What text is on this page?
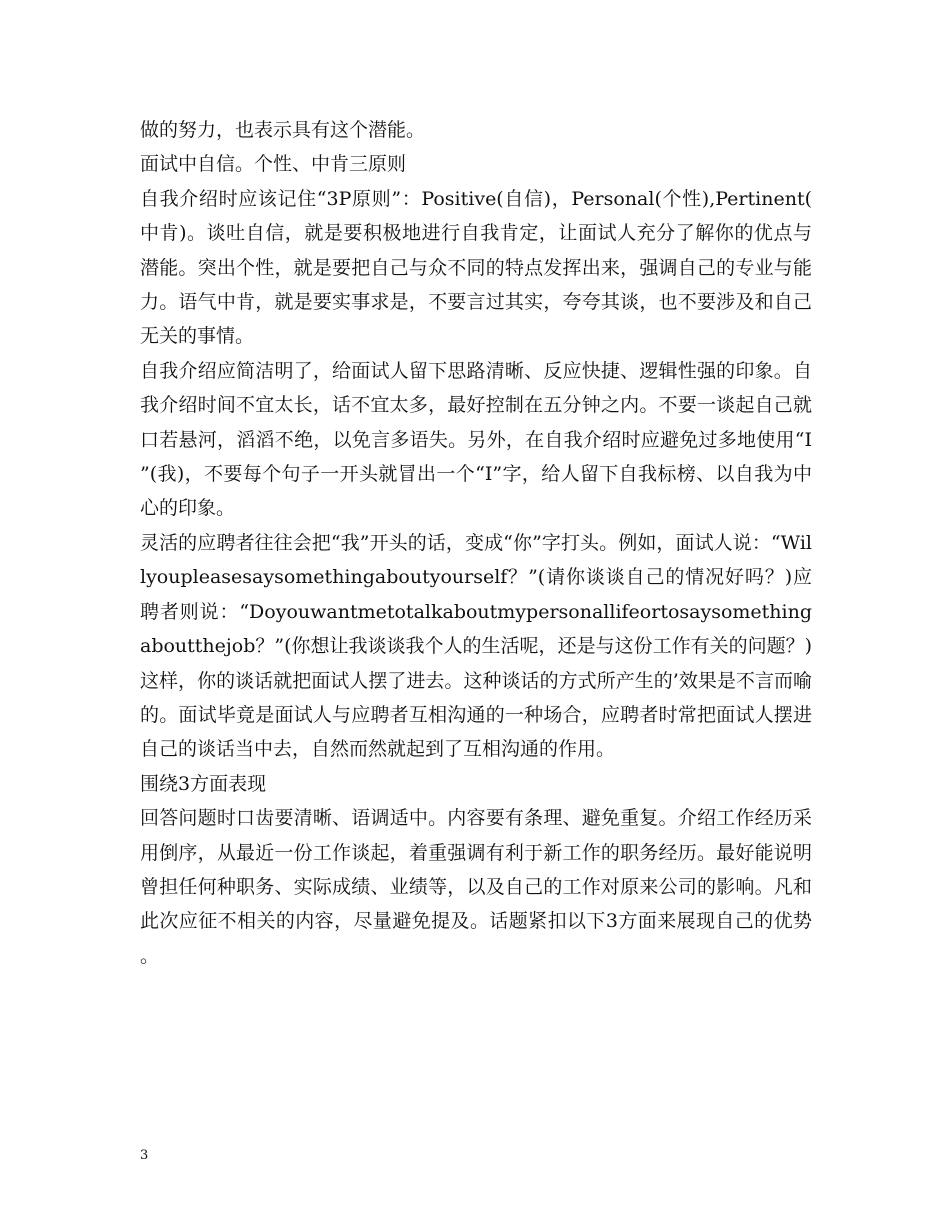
做的努力，也表示具有这个潜能。

面试中自信。个性、中肯三原则

自我介绍时应该记住“3P原则”：Positive(自信)，Personal(个性),Pertinent(中肯)。谈吐自信，就是要积极地进行自我肯定，让面试人充分了解你的优点与潜能。突出个性，就是要把自己与众不同的特点发挥出来，强调自己的专业与能力。语气中肯，就是要实事求是，不要言过其实，夸夸其谈，也不要涉及和自己无关的事情。

自我介绍应简洁明了，给面试人留下思路清晰、反应快捷、逻辑性强的印象。自我介绍时间不宜太长，话不宜太多，最好控制在五分钟之内。不要一谈起自己就口若悬河，滔滔不绝，以免言多语失。另外，在自我介绍时应避免过多地使用“I”(我)，不要每个句子一开头就冒出一个“I”字，给人留下自我标榜、以自我为中心的印象。

灵活的应聘者往往会把“我”开头的话，变成“你”字打头。例如，面试人说：“Willyoupleasesaysomethingaboutyourself？”(请你谈谈自己的情况好吗？)应聘者则说：“Doyouwantmetotalkaboutmypersonallifeortosaysomethingaboutthejob？”(你想让我谈谈我个人的生活呢，还是与这份工作有关的问题？)这样，你的谈话就把面试人摆了进去。这种谈话的方式所产生的’效果是不言而喻的。面试毕竟是面试人与应聘者互相沟通的一种场合，应聘者时常把面试人摆进自己的谈话当中去，自然而然就起到了互相沟通的作用。

围绕3方面表现

回答问题时口齿要清晰、语调适中。内容要有条理、避免重复。介绍工作经历采用倒序，从最近一份工作谈起，着重强调有利于新工作的职务经历。最好能说明曾担任何种职务、实际成绩、业绩等，以及自己的工作对原来公司的影响。凡和此次应征不相关的内容，尽量避免提及。话题紧扣以下3方面来展现自己的优势。

3
